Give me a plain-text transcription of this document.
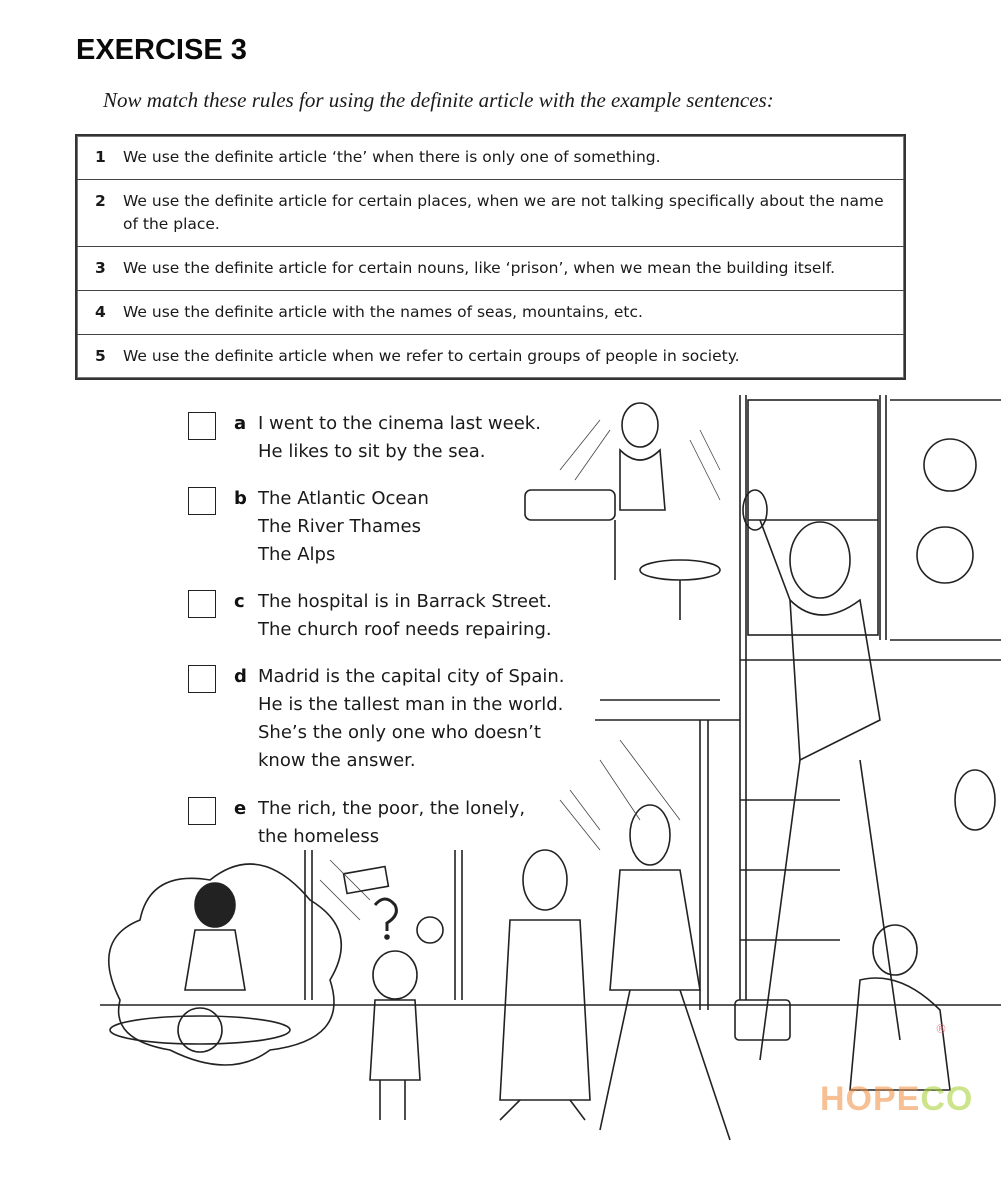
EXERCISE 3
Now match these rules for using the definite article with the example sentences:
1	We use the definite article ‘the’ when there is only one of something.
2	We use the definite article for certain places, when we are not talking specifically about the name of the place.
3	We use the definite article for certain nouns, like ‘prison’, when we mean the building itself.
4	We use the definite article with the names of seas, mountains, etc.
5	We use the definite article when we refer to certain groups of people in society.
a I went to the cinema last week.
He likes to sit by the sea.
b The Atlantic Ocean
The River Thames
The Alps
c The hospital is in Barrack Street.
The church roof needs repairing.
d Madrid is the capital city of Spain.
He is the tallest man in the world.
She’s the only one who doesn’t
know the answer.
e The rich, the poor, the lonely,
the homeless
HOPECO
®
